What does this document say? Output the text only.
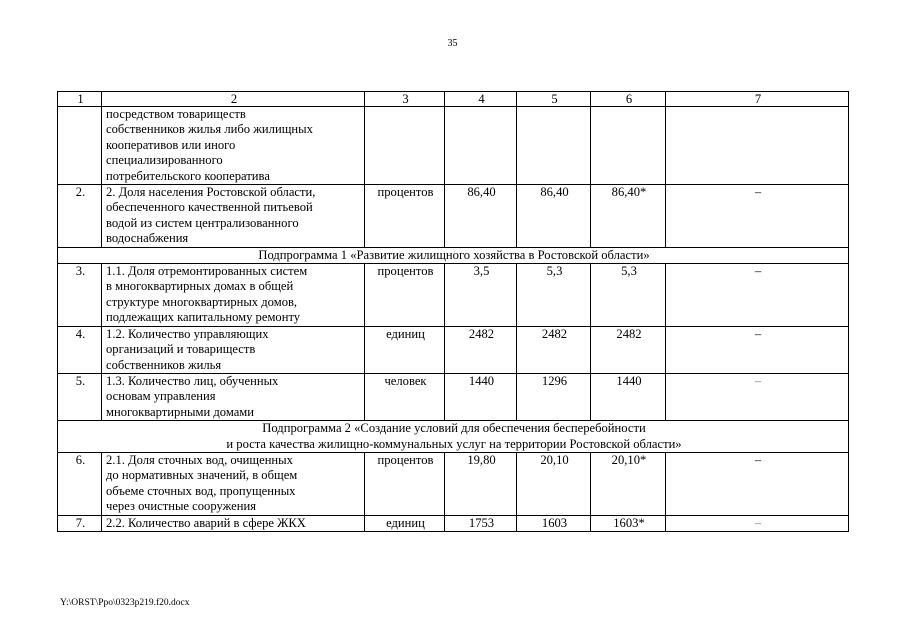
35
1	2	3	4	5	6	7

	посредством товариществ
собственников жилья либо жилищных
кооперативов или иного
специализированного
потребительского кооператива					

2.	2. Доля населения Ростовской области,
обеспеченного качественной питьевой
водой из систем централизованного
водоснабжения	процентов	86,40	86,40	86,40*	–

Подпрограмма 1 «Развитие жилищного хозяйства в Ростовской области»						

3.	1.1. Доля отремонтированных систем
в многоквартирных домах в общей
структуре многоквартирных домов,
подлежащих капитальному ремонту	процентов	3,5	5,3	5,3	–
4.	1.2. Количество управляющих
организаций и товариществ
собственников жилья	единиц	2482	2482	2482	–
5.	1.3. Количество лиц, обученных
основам управления
многоквартирными домами	человек	1440	1296	1440	–

Подпрограмма 2 «Создание условий для обеспечения бесперебойности
и роста качества жилищно-коммунальных услуг на территории Ростовской области»						

6.	2.1. Доля сточных вод, очищенных
до нормативных значений, в общем
объеме сточных вод, пропущенных
через очистные сооружения	процентов	19,80	20,10	20,10*	–
7.	2.2. Количество аварий в сфере ЖКХ	единиц	1753	1603	1603*	–
Y:\ORST\Ppo\0323p219.f20.docx
